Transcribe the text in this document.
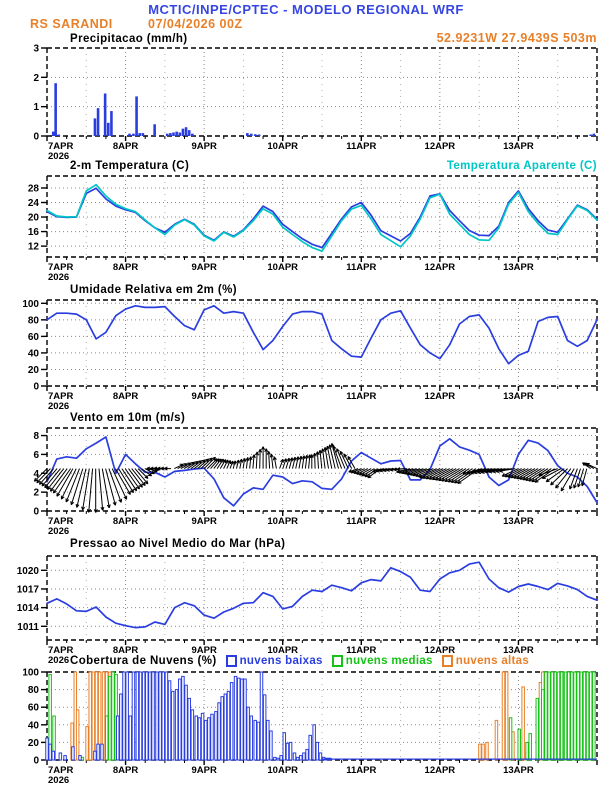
MCTIC/INPE/CPTEC - MODELO REGIONAL WRF
RS SARANDI	07/04/2026 00Z
52.9231W 27.9439S 503m
Precipitacao (mm/h)
2-m Temperatura (C)	Temperatura Aparente (C)
Umidade Relativa em 2m (%)
Vento em 10m (m/s)
Pressao ao Nivel Medio do Mar (hPa)
Cobertura de Nuvens (%) nuvens baixas nuvens medias nuvens altas
0
1
2
3
7APR
2026
8APR	9APR	10APR	11APR	12APR	13APR
12
16
20
24
28
7APR
2026
8APR	9APR	10APR	11APR	12APR	13APR
0
20
40
60
80
100
7APR
2026
8APR	9APR	10APR	11APR	12APR	13APR
0
2
4
6
8
7APR
2026
8APR	9APR	10APR	11APR	12APR	13APR
1011
1014
1017
1020
7APR
2026
8APR	9APR	10APR	11APR	12APR	13APR
0
20
40
60
80
100
7APR
2026
8APR	9APR	10APR	11APR	12APR	13APR
